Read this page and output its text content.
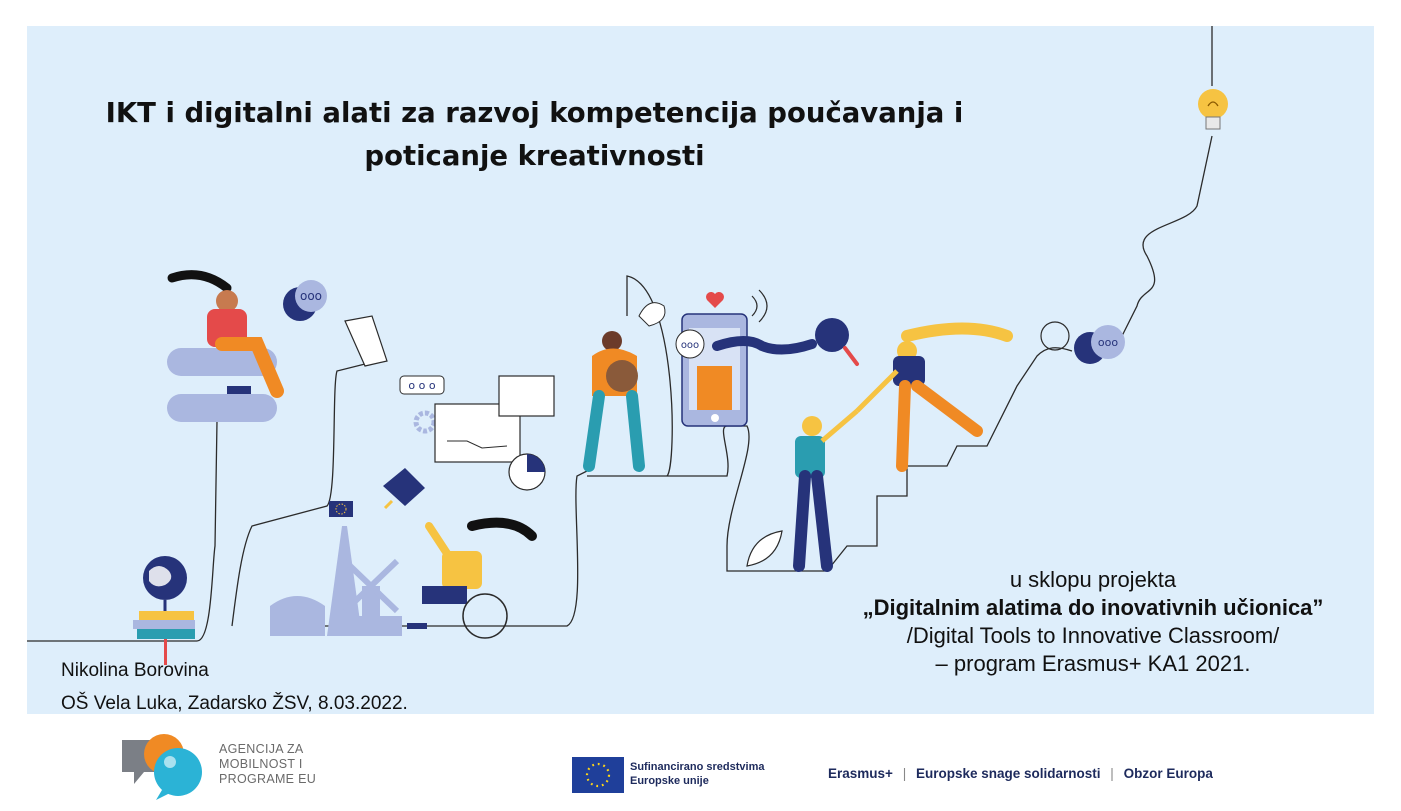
ooo
o o o
ooo	ooo
IKT i digitalni alati za razvoj kompetencija poučavanja i
poticanje kreativnosti
Nikolina Borovina
OŠ Vela Luka, Zadarsko ŽSV, 8.03.2022.
u sklopu projekta
„Digitalnim alatima do inovativnih učionica”
/Digital Tools to Innovative Classroom/
– program Erasmus+ KA1 2021.
AGENCIJA ZA
MOBILNOST I
PROGRAME EU
Sufinancirano sredstvima
Europske unije	Erasmus+ | Europske snage solidarnosti | Obzor Europa
